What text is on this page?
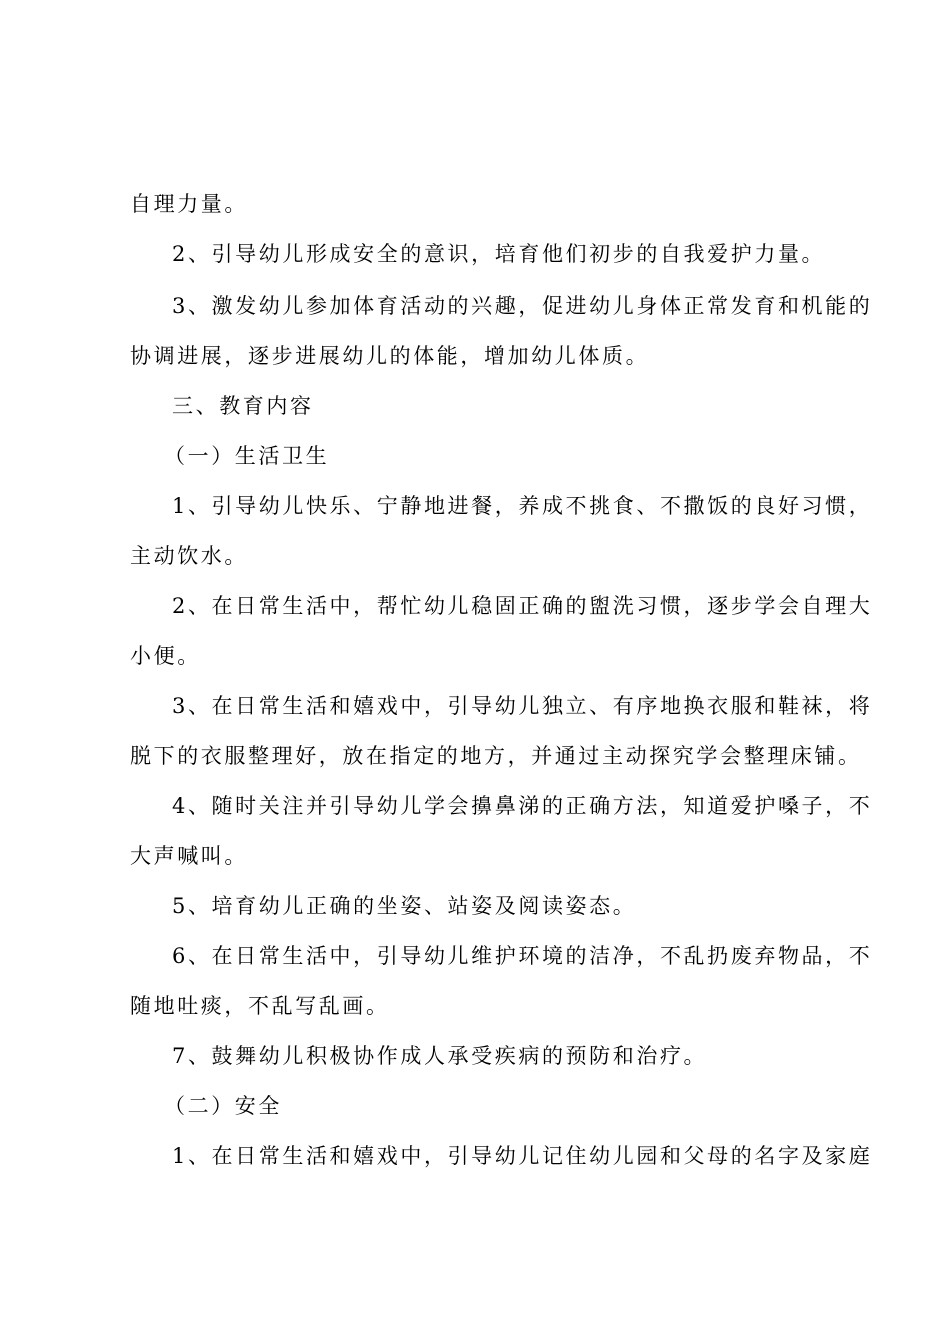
自理力量。
2、引导幼儿形成安全的意识，培育他们初步的自我爱护力量。
3、激发幼儿参加体育活动的兴趣，促进幼儿身体正常发育和机能的
协调进展，逐步进展幼儿的体能，增加幼儿体质。
三、教育内容
（一）生活卫生
1、引导幼儿快乐、宁静地进餐，养成不挑食、不撒饭的良好习惯，
主动饮水。
2、在日常生活中，帮忙幼儿稳固正确的盥洗习惯，逐步学会自理大
小便。
3、在日常生活和嬉戏中，引导幼儿独立、有序地换衣服和鞋袜，将
脱下的衣服整理好，放在指定的地方，并通过主动探究学会整理床铺。
4、随时关注并引导幼儿学会擤鼻涕的正确方法，知道爱护嗓子，不
大声喊叫。
5、培育幼儿正确的坐姿、站姿及阅读姿态。
6、在日常生活中，引导幼儿维护环境的洁净，不乱扔废弃物品，不
随地吐痰，不乱写乱画。
7、鼓舞幼儿积极协作成人承受疾病的预防和治疗。
（二）安全
1、在日常生活和嬉戏中，引导幼儿记住幼儿园和父母的名字及家庭
